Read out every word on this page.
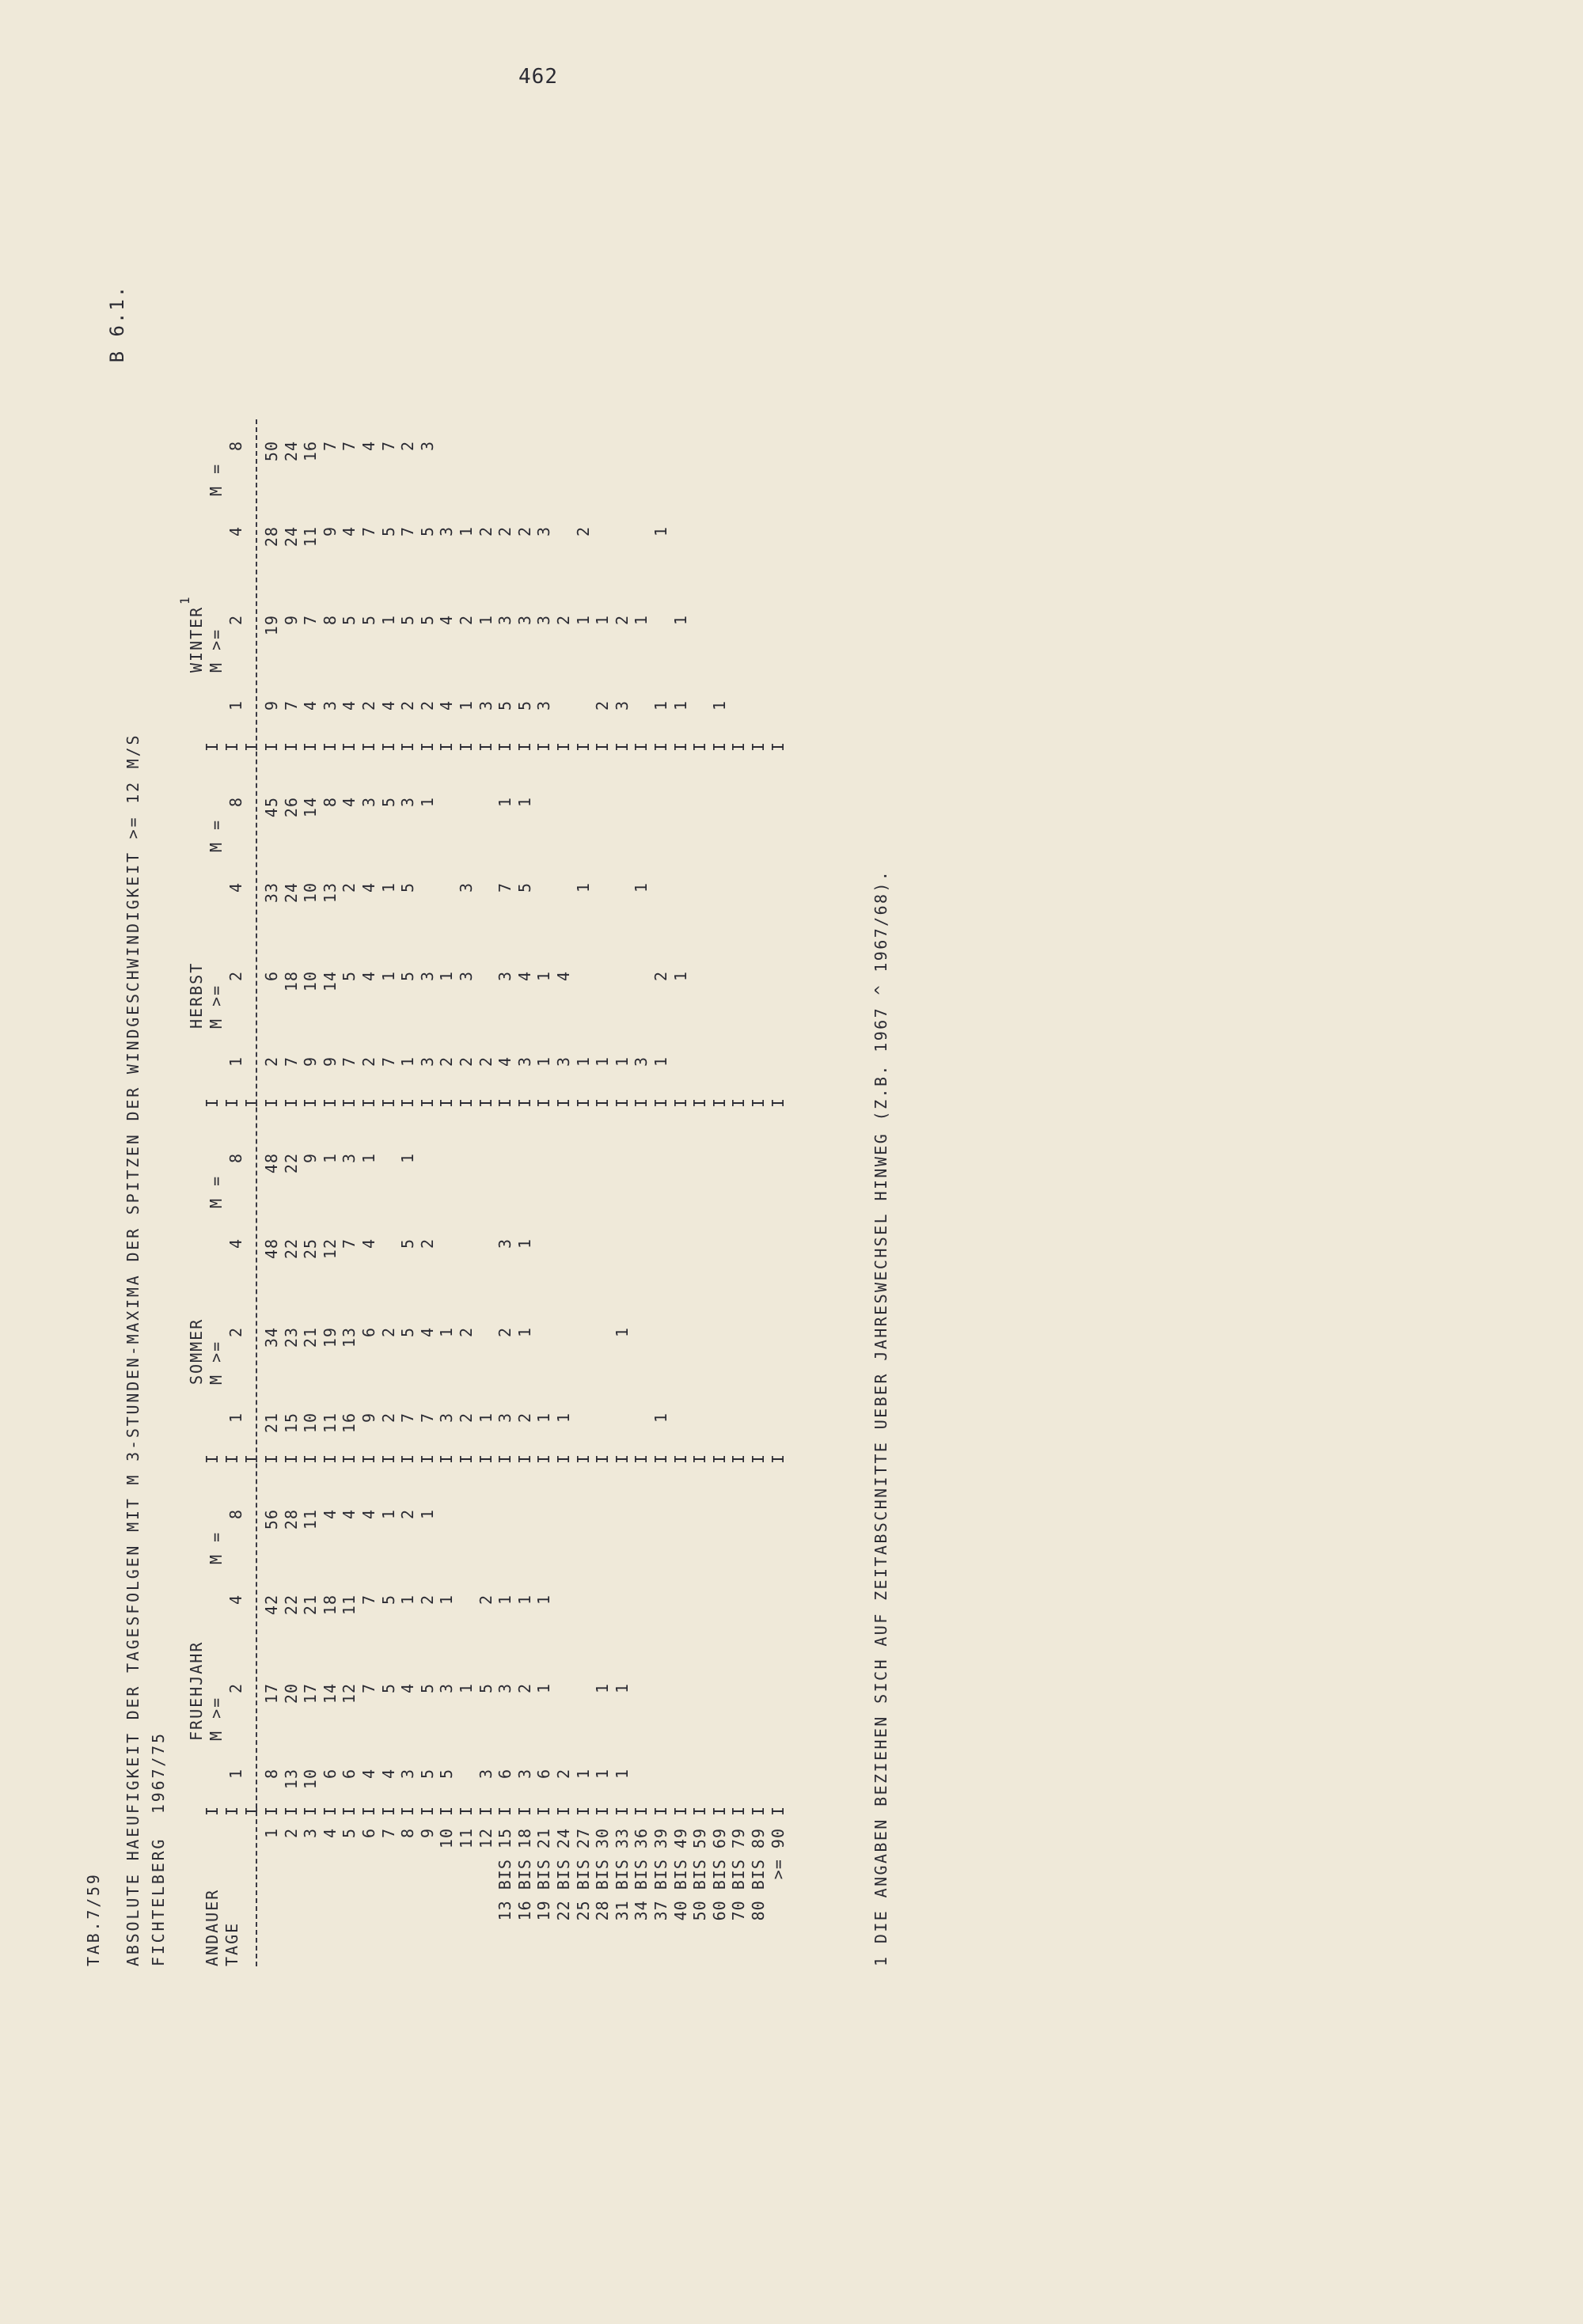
462
B 6.1.
TAB.7/59 ABSOLUTE HAEUFIGKEIT DER TAGESFOLGEN MIT M 3-STUNDEN-MAXIMA DER SPITZEN DER WINDGESCHWINDIGKEIT >= 12 M/S FICHTELBERG  1967/75 ANDAUER TAGE
I I I
FRUEHJAHR M >=
M =
1
2
4
8
I I I
SOMMER M >=
M =
1
2
4
8
I I I
HERBST M >=
M =
1
2
4
8
I I I
WINTER
1
M >=
M =
1
2
4
8
1
I
8
17
42
56
I
21
34
48
48
I
2
6
33
45
I
9
19
28
50
2
I
13
20
22
28
I
15
23
22
22
I
7
18
24
26
I
7
9
24
24
3
I
10
17
21
11
I
10
21
25
9
I
9
10
10
14
I
4
7
11
16
4
I
6
14
18
4
I
11
19
12
1
I
9
14
13
8
I
3
8
9
7
5
I
6
12
11
4
I
16
13
7
3
I
7
5
2
4
I
4
5
4
7
6
I
4
7
7
4
I
9
6
4
1
I
2
4
4
3
I
2
5
7
4
7
I
4
5
5
1
I
2
2
I
7
1
1
5
I
4
1
5
7
8
I
3
4
1
2
I
7
5
5
1
I
1
5
5
3
I
2
5
7
2
9
I
5
5
2
1
I
7
4
2
I
3
3
1
I
2
5
5
3
10
I
5
3
1
I
3
1
I
2
1
I
4
4
3
11
I
1
I
2
2
I
2
3
3
I
1
2
1
12
I
3
5
2
I
1
I
2
I
3
1
2
13 BIS 15
I
6
3
1
I
3
2
3
I
4
3
7
1
I
5
3
2
16 BIS 18
I
3
2
1
I
2
1
1
I
3
4
5
1
I
5
3
2
19 BIS 21
I
6
1
1
I
1
I
1
1
I
3
3
3
22 BIS 24
I
2
I
1
I
3
4
I
2
25 BIS 27
I
1
I
I
1
1
I
1
2
28 BIS 30
I
1
1
I
I
1
I
2
1
31 BIS 33
I
1
1
I
1
I
1
I
3
2
34 BIS 36
I
I
I
3
1
I
1
37 BIS 39
I
I
1
I
1
2
I
1
1
40 BIS 49
I
I
I
1
I
1
1
50 BIS 59
I
I
I
I
60 BIS 69
I
I
I
I
1
70 BIS 79
I
I
I
I
80 BIS 89
I
I
I
I
>= 90
I
I
I
I
1 DIE ANGABEN BEZIEHEN SICH AUF ZEITABSCHNITTE UEBER JAHRESWECHSEL HINWEG (Z.B. 1967 ^ 1967/68).
